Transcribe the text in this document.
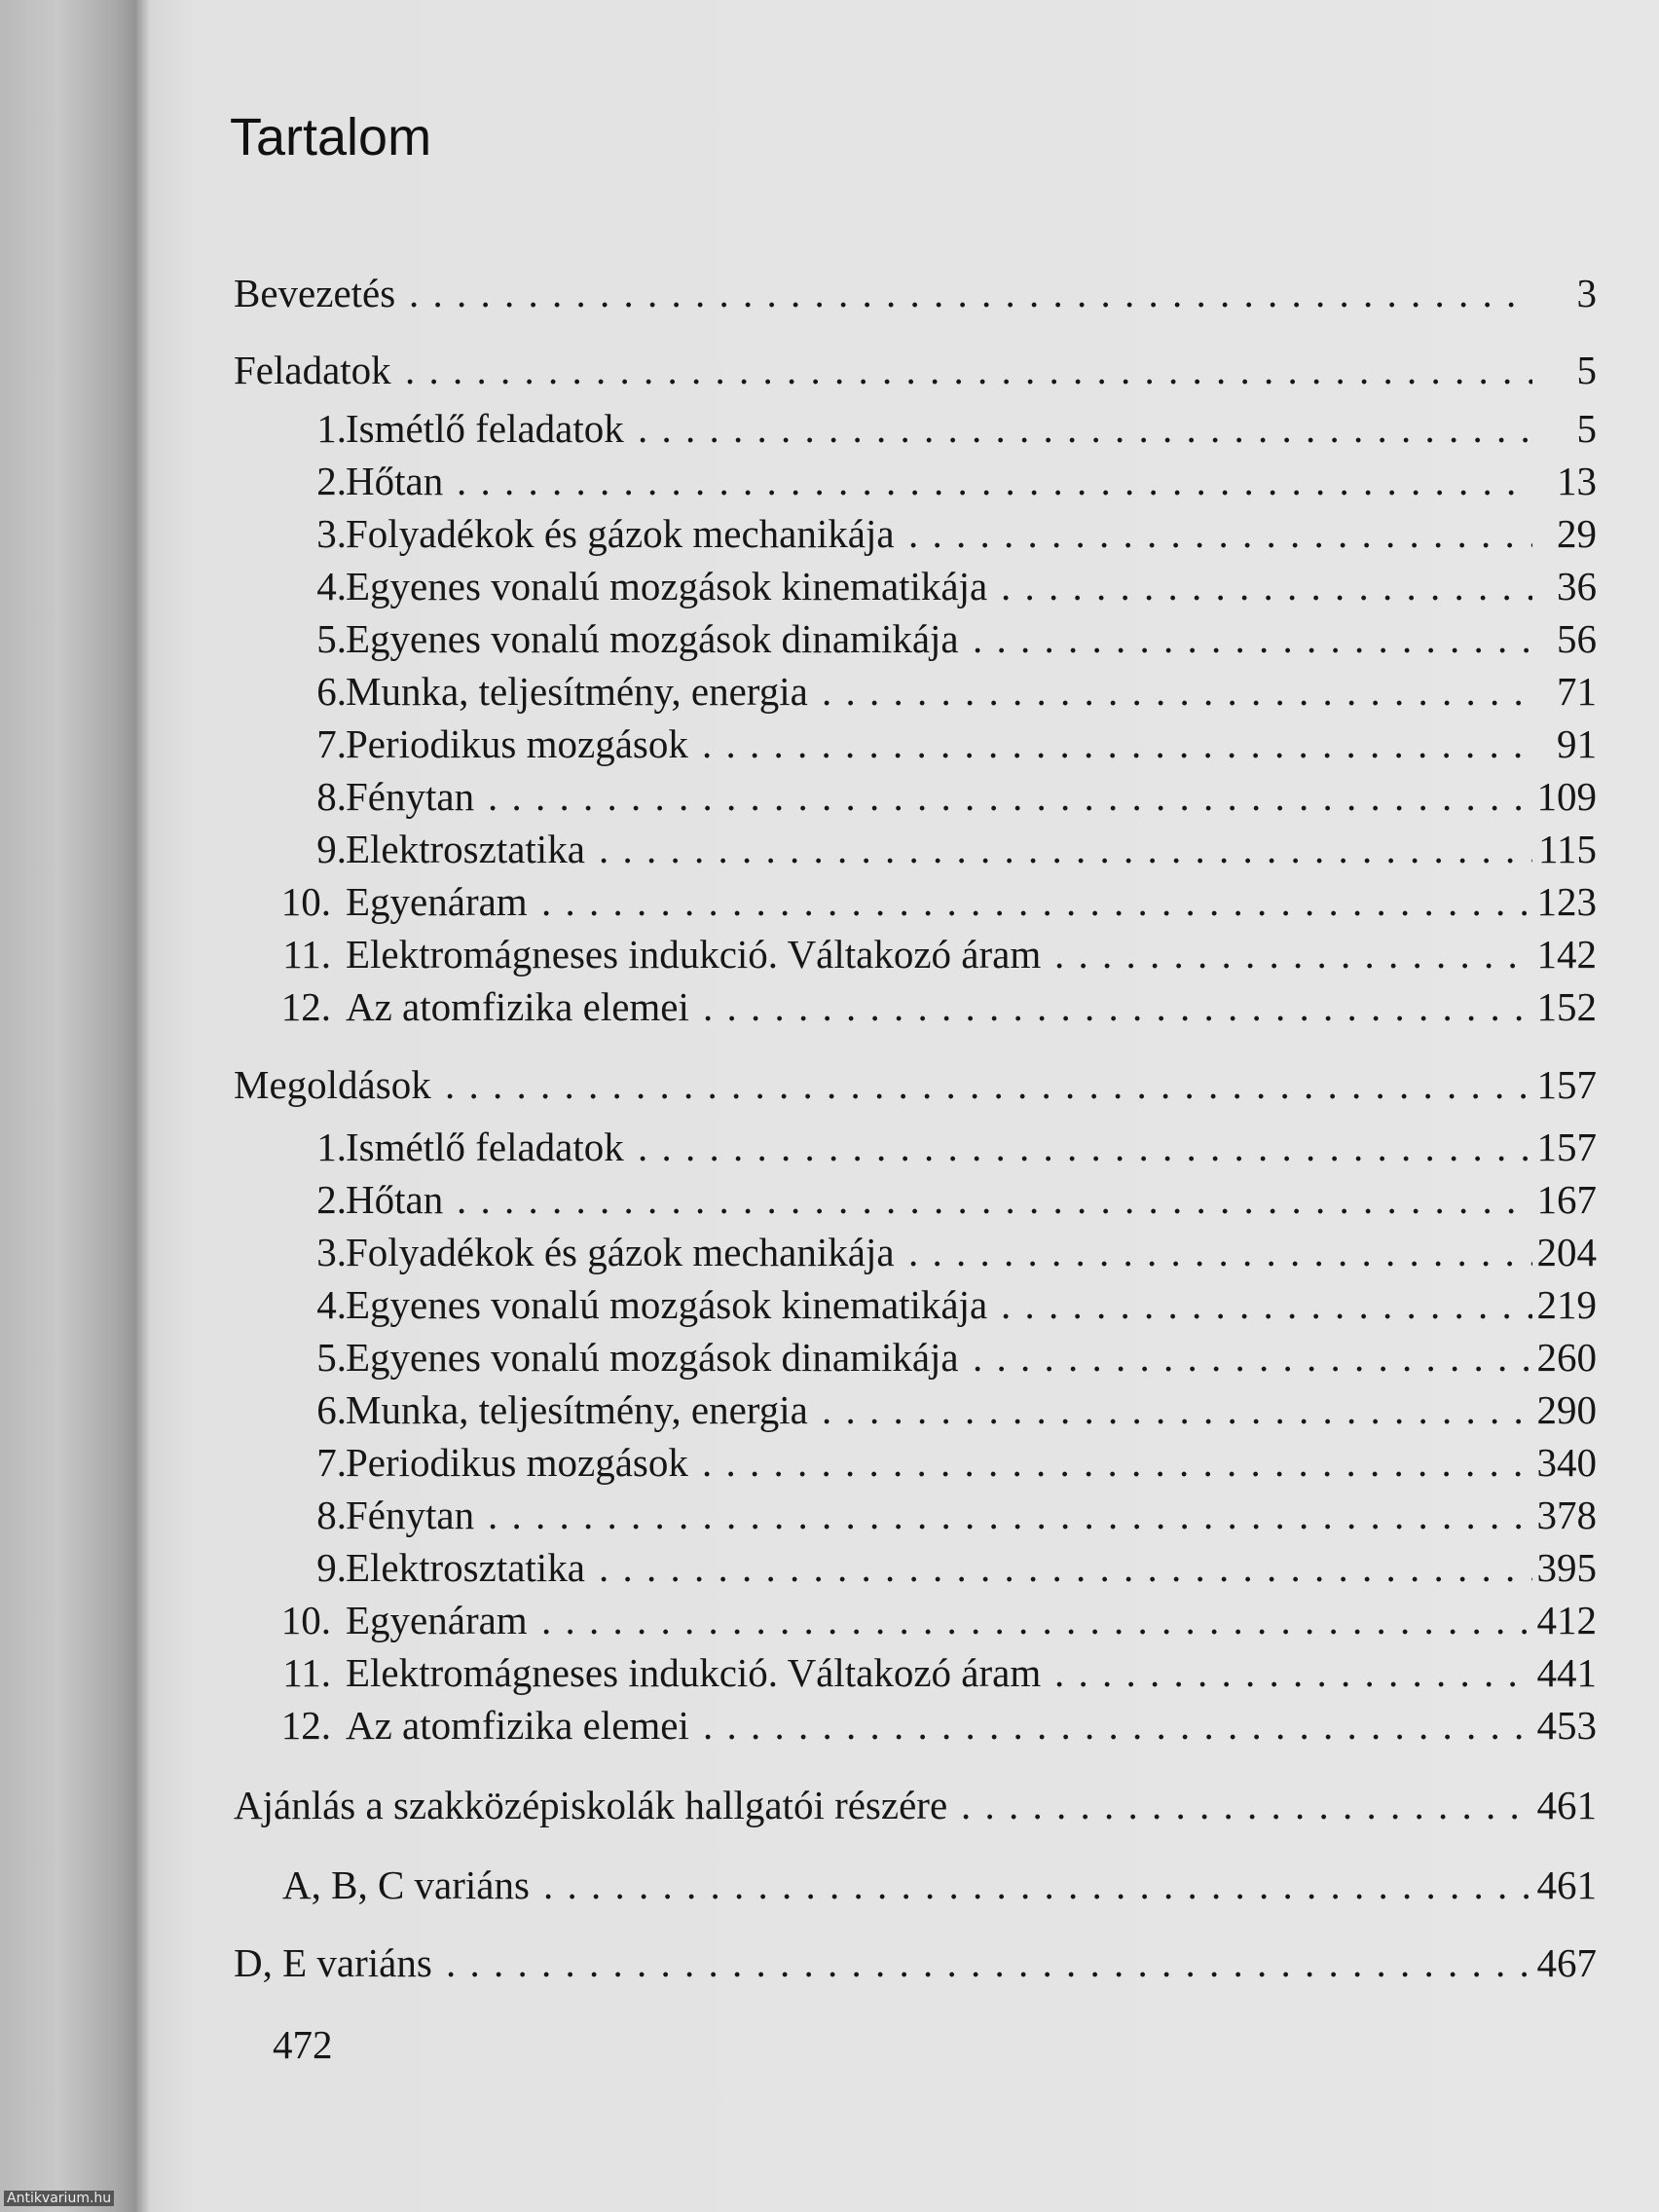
Tartalom
Bevezetés . . .	3
Feladatok . . .	5
1. Ismétlő feladatok . . .	5
2. Hőtan . . .	13
3. Folyadékok és gázok mechanikája . . .	29
4. Egyenes vonalú mozgások kinematikája . . .	36
5. Egyenes vonalú mozgások dinamikája . . .	56
6. Munka, teljesítmény, energia . . .	71
7. Periodikus mozgások . . .	91
8. Fénytan . . .	109
9. Elektrosztatika . . .	115
10. Egyenáram . . .	123
11. Elektromágneses indukció. Váltakozó áram . . .	142
12. Az atomfizika elemei . . .	152
Megoldások . . .	157
1. Ismétlő feladatok . . .	157
2. Hőtan . . .	167
3. Folyadékok és gázok mechanikája . . .	204
4. Egyenes vonalú mozgások kinematikája . . .	219
5. Egyenes vonalú mozgások dinamikája . . .	260
6. Munka, teljesítmény, energia . . .	290
7. Periodikus mozgások . . .	340
8. Fénytan . . .	378
9. Elektrosztatika . . .	395
10. Egyenáram . . .	412
11. Elektromágneses indukció. Váltakozó áram . . .	441
12. Az atomfizika elemei . . .	453
Ajánlás a szakközépiskolák hallgatói részére . . .	461
A, B, C variáns . . .	461
D, E variáns . . .	467
472
Antikvarium.hu
